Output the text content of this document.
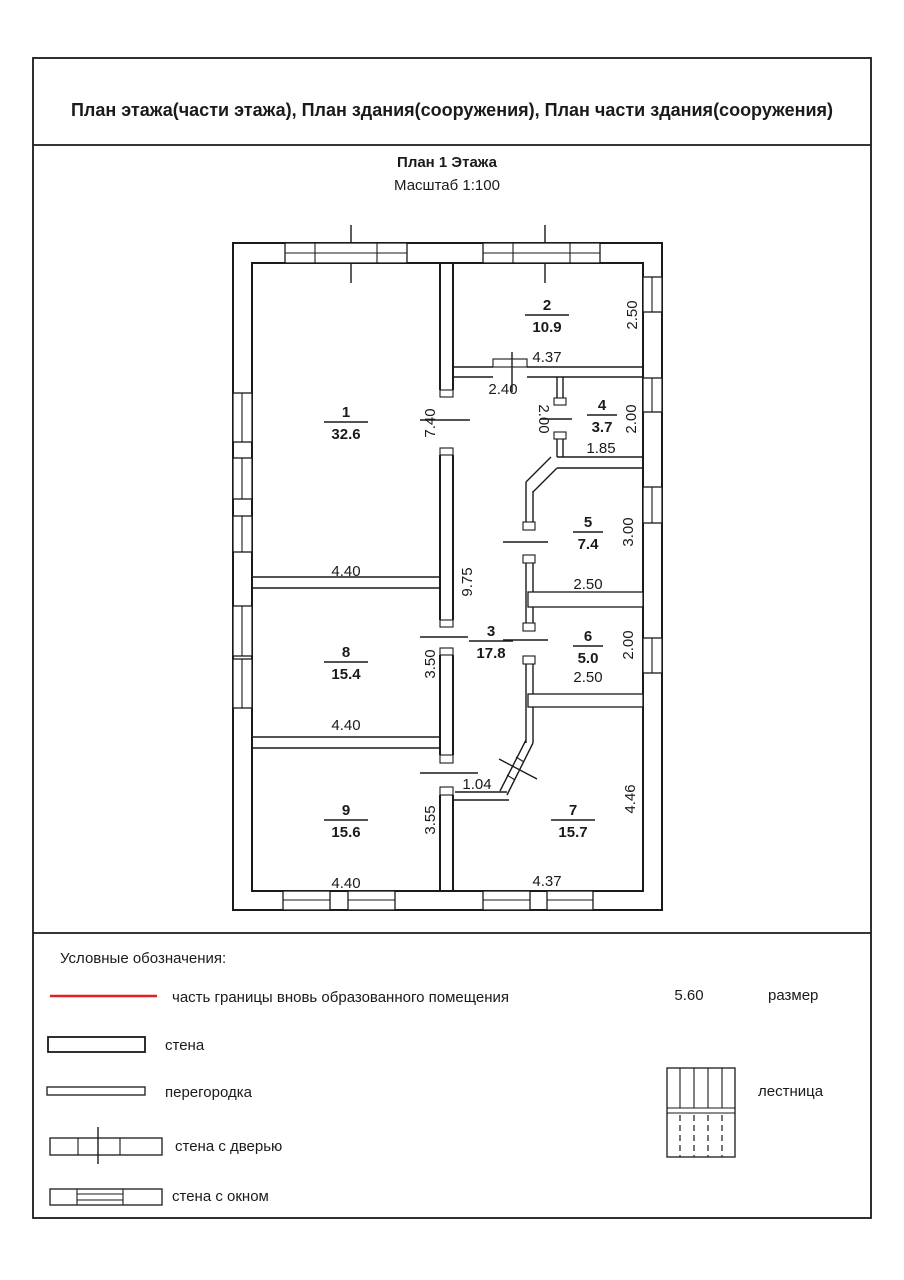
План этажа(части этажа), План здания(сооружения), План части здания(сооружения)
План 1 Этажа
Масштаб 1:100
1
32.6
2
10.9
3
17.8
4
3.7
5
7.4
6
5.0
7
15.7
8
15.4
9
15.6
7.40
4.40
2.50
4.37
2.40
2.00	2.00
1.85
3.00
2.50
9.75
2.00
2.50
3.50
4.40
3.55
4.40
4.46
4.37
1.04
Условные обозначения:
часть границы вновь образованного помещения	5.60	размер
стена
перегородка
стена с дверью
стена с окном
лестница
